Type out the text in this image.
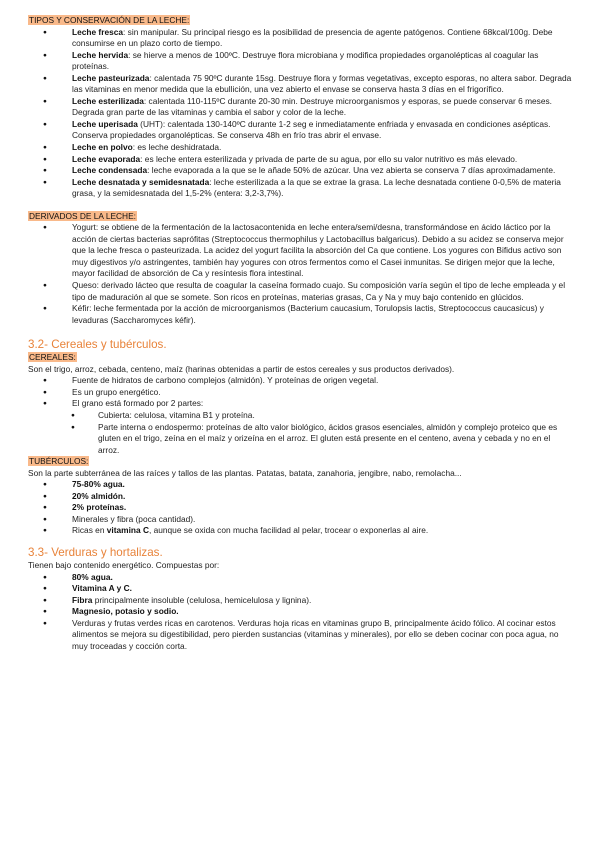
TIPOS Y CONSERVACIÓN DE LA LECHE:

● Leche fresca: sin manipular. Su principal riesgo es la posibilidad de presencia de agente patógenos. Contiene 68kcal/100g. Debe consumirse en un plazo corto de tiempo.
● Leche hervida: se hierve a menos de 100ºC. Destruye flora microbiana y modifica propiedades organolépticas al coagular las proteínas.
● Leche pasteurizada: calentada 75 90ºC durante 15sg. Destruye flora y formas vegetativas, excepto esporas, no altera sabor. Degrada las vitaminas en menor medida que la ebullición, una vez abierto el envase se conserva hasta 3 días en el frigorífico.
● Leche esterilizada: calentada 110-115ºC durante 20-30 min. Destruye microorganismos y esporas, se puede conservar 6 meses. Degrada gran parte de las vitaminas y cambia el sabor y color de la leche.
● Leche uperisada (UHT): calentada 130-140ºC durante 1-2 seg e inmediatamente enfriada y envasada en condiciones asépticas. Conserva propiedades organolépticas. Se conserva 48h en frío tras abrir el envase.
● Leche en polvo: es leche deshidratada.
● Leche evaporada: es leche entera esterilizada y privada de parte de su agua, por ello su valor nutritivo es más elevado.
● Leche condensada: leche evaporada a la que se le añade 50% de azúcar. Una vez abierta se conserva 7 días aproximadamente.
● Leche desnatada y semidesnatada: leche esterilizada a la que se extrae la grasa. La leche desnatada contiene 0-0,5% de materia grasa, y la semidesnatada del 1,5-2% (entera: 3,2-3,7%).

DERIVADOS DE LA LECHE:

● Yogurt: se obtiene de la fermentación de la lactosacontenida en leche entera/semi/desna, transformándose en ácido láctico por la acción de ciertas bacterias saprófitas (Streptococcus thermophilus y Lactobacillus balgaricus). Debido a su acidez se conserva mejor que la leche fresca o pasteurizada. La acidez del yogurt facilita la absorción del Ca que contiene. Los yogures con Bifidus activo son muy digestivos y/o astringentes, también hay yogures con otros fermentos como el Casei inmunitas. Se dirigen mejor que la leche, mayor facilidad de absorción de Ca y resíntesis flora intestinal.
● Queso: derivado lácteo que resulta de coagular la caseína formado cuajo. Su composición varía según el tipo de leche empleada y el tipo de maduración al que se somete. Son ricos en proteínas, materias grasas, Ca y Na y muy bajo contenido en glúcidos.
● Kéfir: leche fermentada por la acción de microorganismos (Bacterium caucasium, Torulopsis lactis, Streptococcus caucasicus) y levaduras (Saccharomyces kéfir).

3.2- Cereales y tubérculos.

CEREALES:

Son el trigo, arroz, cebada, centeno, maíz (harinas obtenidas a partir de estos cereales y sus productos derivados).

● Fuente de hidratos de carbono complejos (almidón). Y proteínas de origen vegetal.
● Es un grupo energético.
● El grano está formado por 2 partes:
● Cubierta: celulosa, vitamina B1 y proteína.
● Parte interna o endospermo: proteínas de alto valor biológico, ácidos grasos esenciales, almidón y complejo proteico que es gluten en el trigo, zeína en el maíz y orizeína en el arroz. El gluten está presente en el centeno, avena y cebada y no en el arroz.

TUBÉRCULOS:

Son la parte subterránea de las raíces y tallos de las plantas. Patatas, batata, zanahoria, jengibre, nabo, remolacha...

● 75-80% agua.
● 20% almidón.
● 2% proteínas.
● Minerales y fibra (poca cantidad).
● Ricas en vitamina C, aunque se oxida con mucha facilidad al pelar, trocear o exponerlas al aire.

3.3- Verduras y hortalizas.

Tienen bajo contenido energético. Compuestas por:

● 80% agua.
● Vitamina A y C.
● Fibra principalmente insoluble (celulosa, hemicelulosa y lignina).
● Magnesio, potasio y sodio.
● Verduras y frutas verdes ricas en carotenos. Verduras hoja ricas en vitaminas grupo B, principalmente ácido fólico. Al cocinar estos alimentos se mejora su digestibilidad, pero pierden sustancias (vitaminas y minerales), por ello se deben cocinar con poca agua, no muy troceadas y cocción corta.
